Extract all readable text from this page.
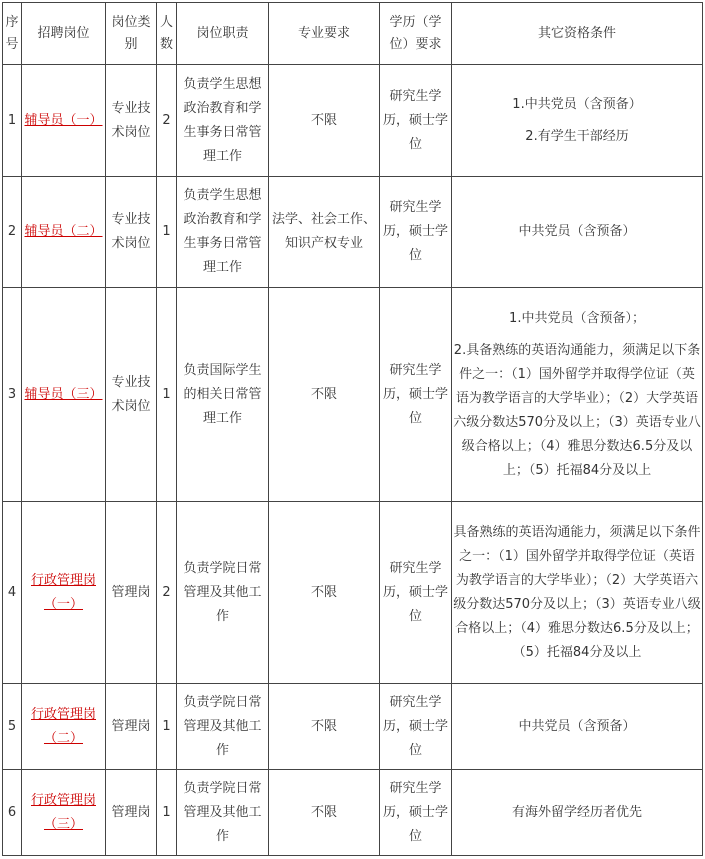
序号	招聘岗位	岗位类别	人数	岗位职责	专业要求	学历（学位）要求	其它资格条件
1	辅导员（一）	专业技术岗位	2	负责学生思想政治教育和学生事务日常管理工作	不限	研究生学历，硕士学位	1.中共党员（含预备）
2.有学生干部经历

2	辅导员（二）	专业技术岗位	1	负责学生思想政治教育和学生事务日常管理工作	法学、社会工作、知识产权专业	研究生学历，硕士学位	中共党员（含预备）

3	辅导员（三）	专业技术岗位	1	负责国际学生的相关日常管理工作	不限	研究生学历，硕士学位	1.中共党员（含预备）；
2.具备熟练的英语沟通能力，须满足以下条件之一：（1）国外留学并取得学位证（英语为教学语言的大学毕业）；（2）大学英语六级分数达570分及以上；（3）英语专业八级合格以上；（4）雅思分数达6.5分及以上；（5）托福84分及以上

4	行政管理岗（一）	管理岗	2	负责学院日常管理及其他工作	不限	研究生学历，硕士学位	具备熟练的英语沟通能力，须满足以下条件之一：（1）国外留学并取得学位证（英语为教学语言的大学毕业）；（2）大学英语六级分数达570分及以上；（3）英语专业八级合格以上；（4）雅思分数达6.5分及以上；（5）托福84分及以上

5	行政管理岗（二）	管理岗	1	负责学院日常管理及其他工作	不限	研究生学历，硕士学位	中共党员（含预备）

6	行政管理岗（三）	管理岗	1	负责学院日常管理及其他工作	不限	研究生学历，硕士学位	有海外留学经历者优先
